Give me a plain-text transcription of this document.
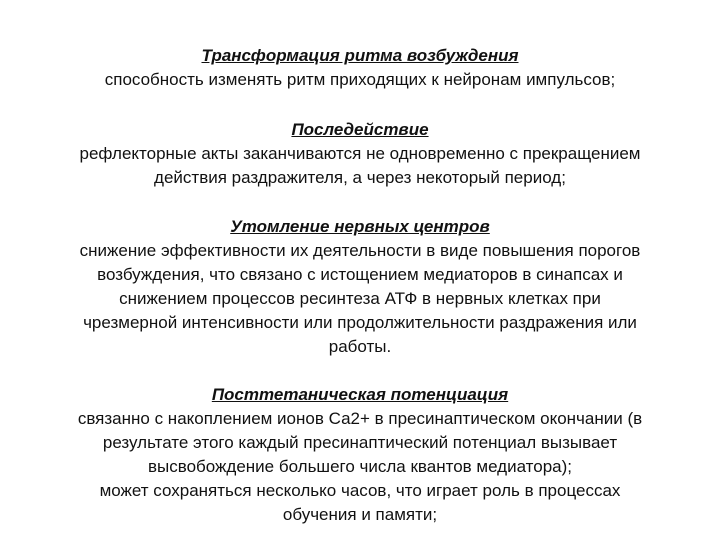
Трансформация ритма возбуждения
способность изменять ритм приходящих к нейронам импульсов;
Последействие
рефлекторные акты заканчиваются не одновременно с прекращением
действия раздражителя, а через некоторый период;
Утомление нервных центров
снижение эффективности их деятельности в виде повышения порогов
возбуждения, что связано с истощением медиаторов в синапсах и
снижением процессов ресинтеза АТФ в нервных клетках при
чрезмерной интенсивности или продолжительности раздражения или
работы.
Посттетаническая потенциация
связанно с накоплением ионов Са2+ в пресинаптическом окончании (в
результате этого каждый пресинаптический потенциал вызывает
высвобождение большего числа квантов медиатора);
может сохраняться несколько часов, что играет роль в процессах
обучения и памяти;
